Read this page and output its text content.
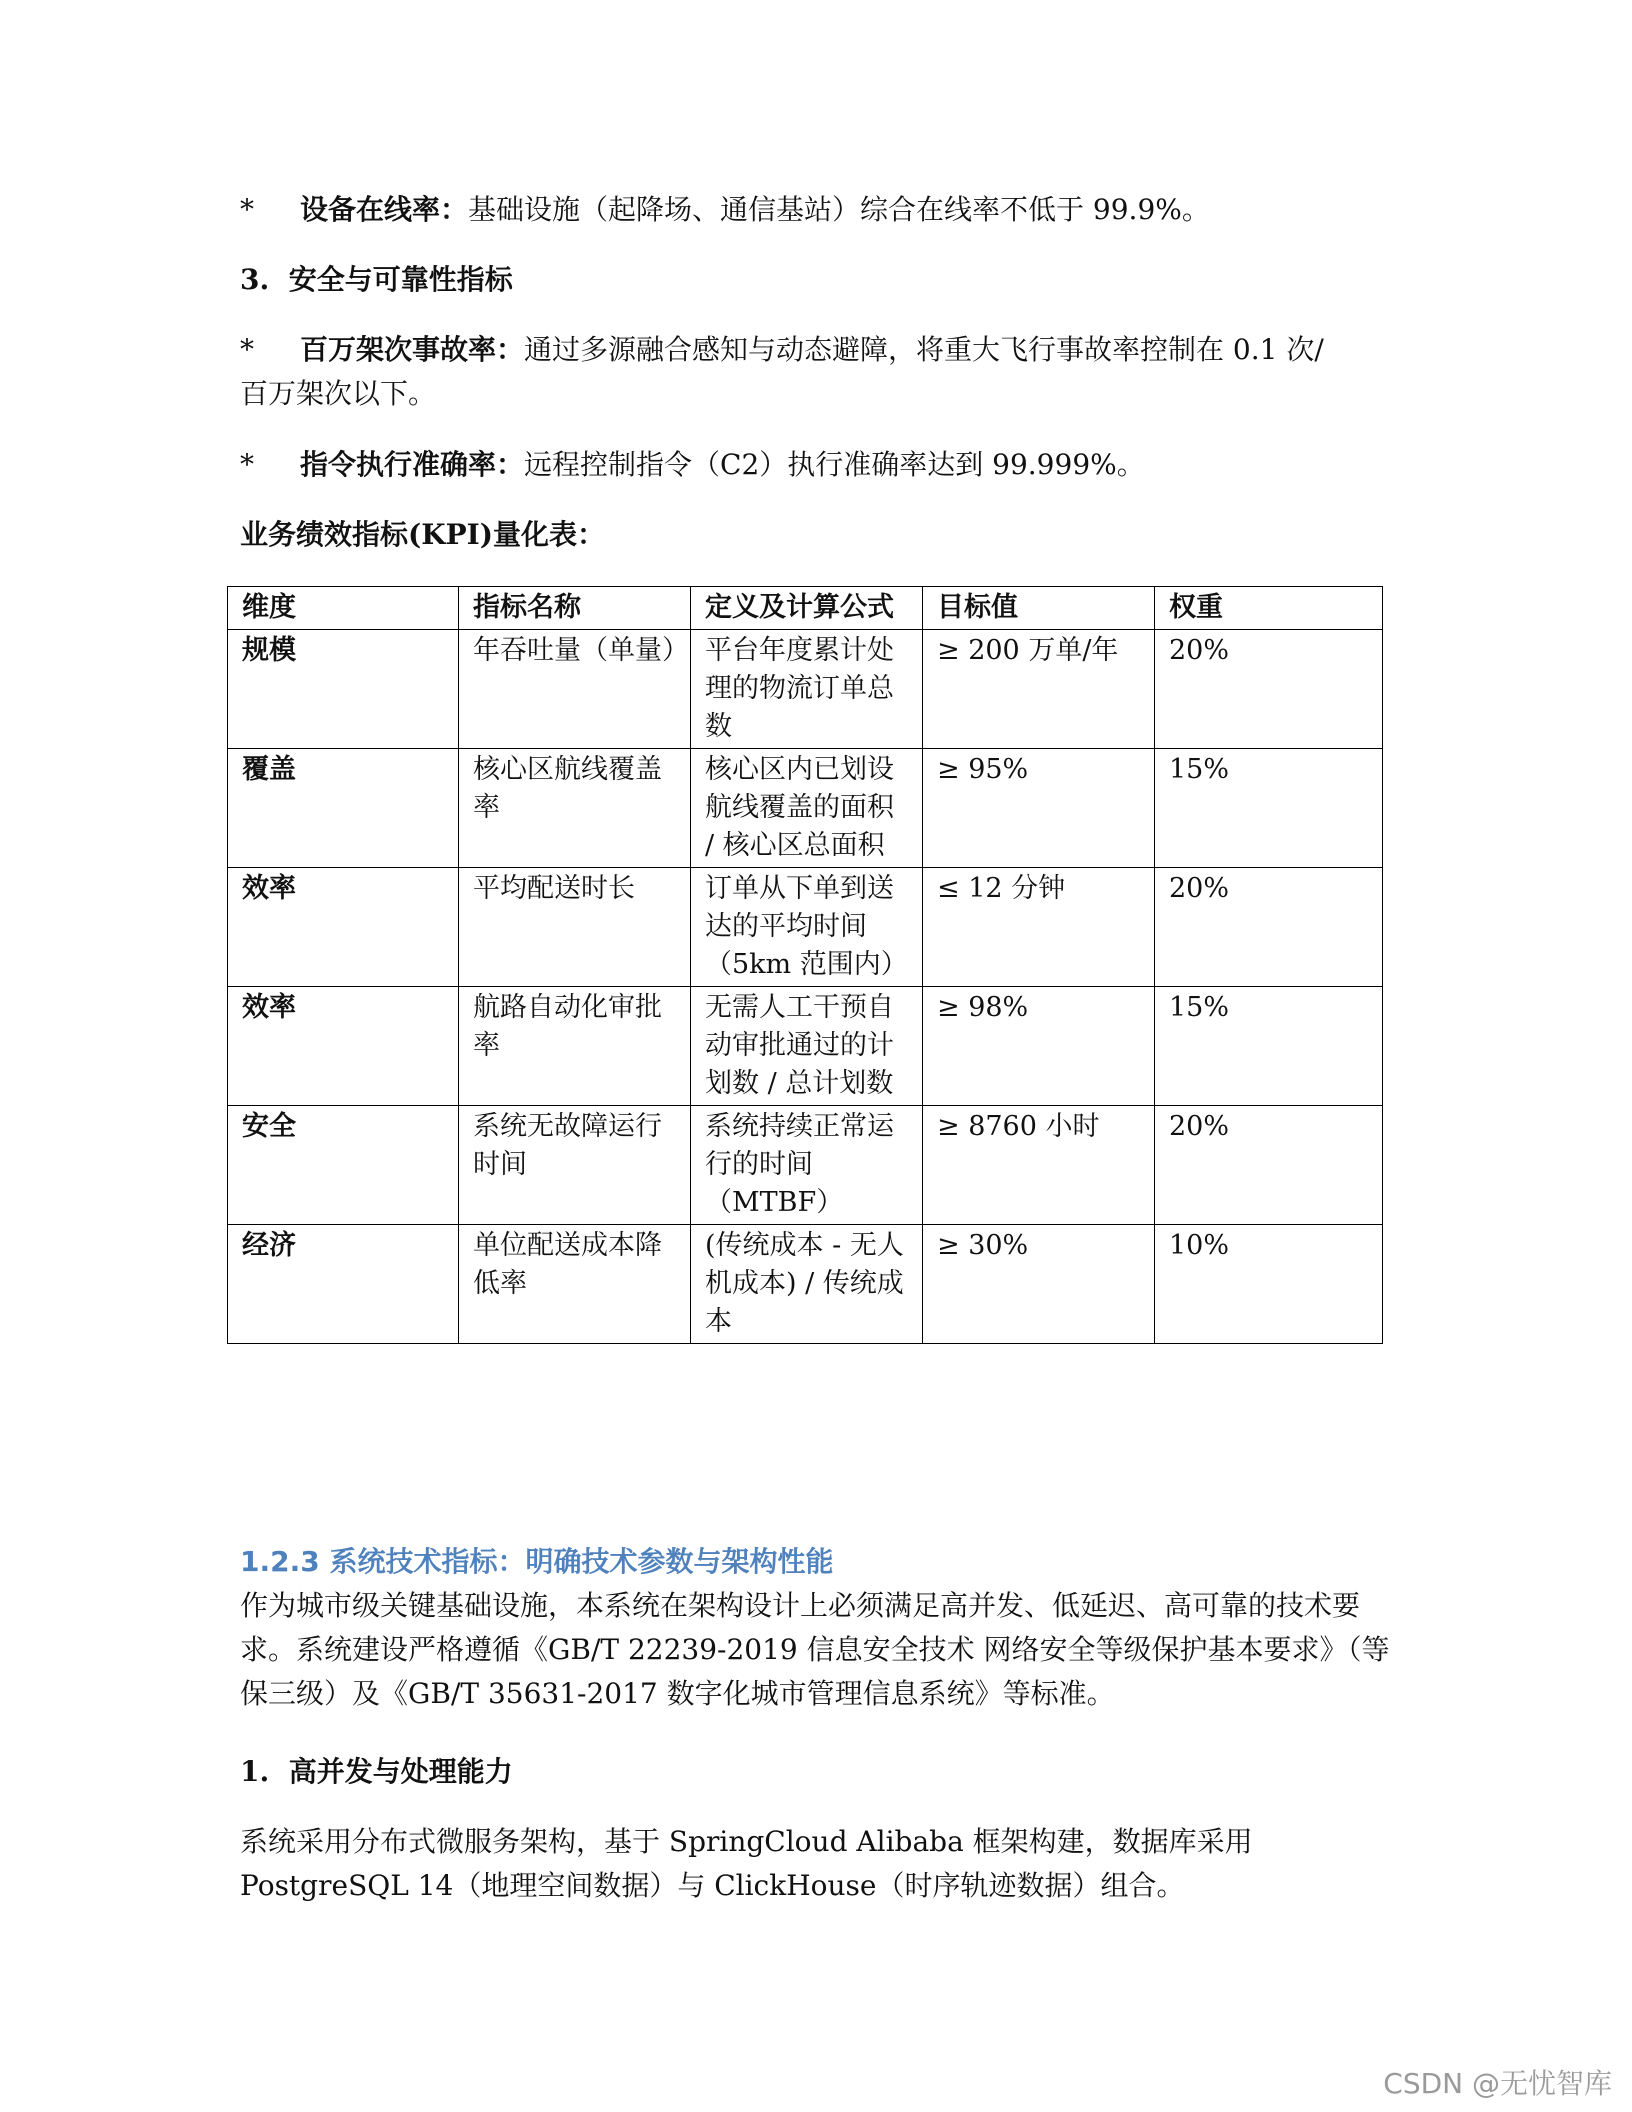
*	设备在线率：基础设施（起降场、通信基站）综合在线率不低于 99.9%。

3. 安全与可靠性指标
*	百万架次事故率：通过多源融合感知与动态避障，将重大飞行事故率控制在 0.1 次/

百万架次以下。

*	指令执行准确率：远程控制指令（C2）执行准确率达到 99.999%。

业务绩效指标(KPI)量化表：

维度	指标名称	定义及计算公式	目标值	权重
规模	年吞吐量（单量）	平台年度累计处理的物流订单总数	≥ 200 万单/年	20%
覆盖	核心区航线覆盖率	核心区内已划设航线覆盖的面积 / 核心区总面积	≥ 95%	15%
效率	平均配送时长	订单从下单到送达的平均时间（5km 范围内）	≤ 12 分钟	20%
效率	航路自动化审批率	无需人工干预自动审批通过的计划数 / 总计划数	≥ 98%	15%
安全	系统无故障运行时间	系统持续正常运行的时间（MTBF）	≥ 8760 小时	20%
经济	单位配送成本降低率	(传统成本 - 无人机成本) / 传统成本	≥ 30%	10%
1.2.3 系统技术指标：明确技术参数与架构性能

作为城市级关键基础设施，本系统在架构设计上必须满足高并发、低延迟、高可靠的技术要求。系统建设严格遵循《GB/T 22239-2019 信息安全技术 网络安全等级保护基本要求》（等保三级）及《GB/T 35631-2017 数字化城市管理信息系统》等标准。

1. 高并发与处理能力

系统采用分布式微服务架构，基于 SpringCloud Alibaba 框架构建，数据库采用 PostgreSQL 14（地理空间数据）与 ClickHouse（时序轨迹数据）组合。

CSDN @无忧智库
